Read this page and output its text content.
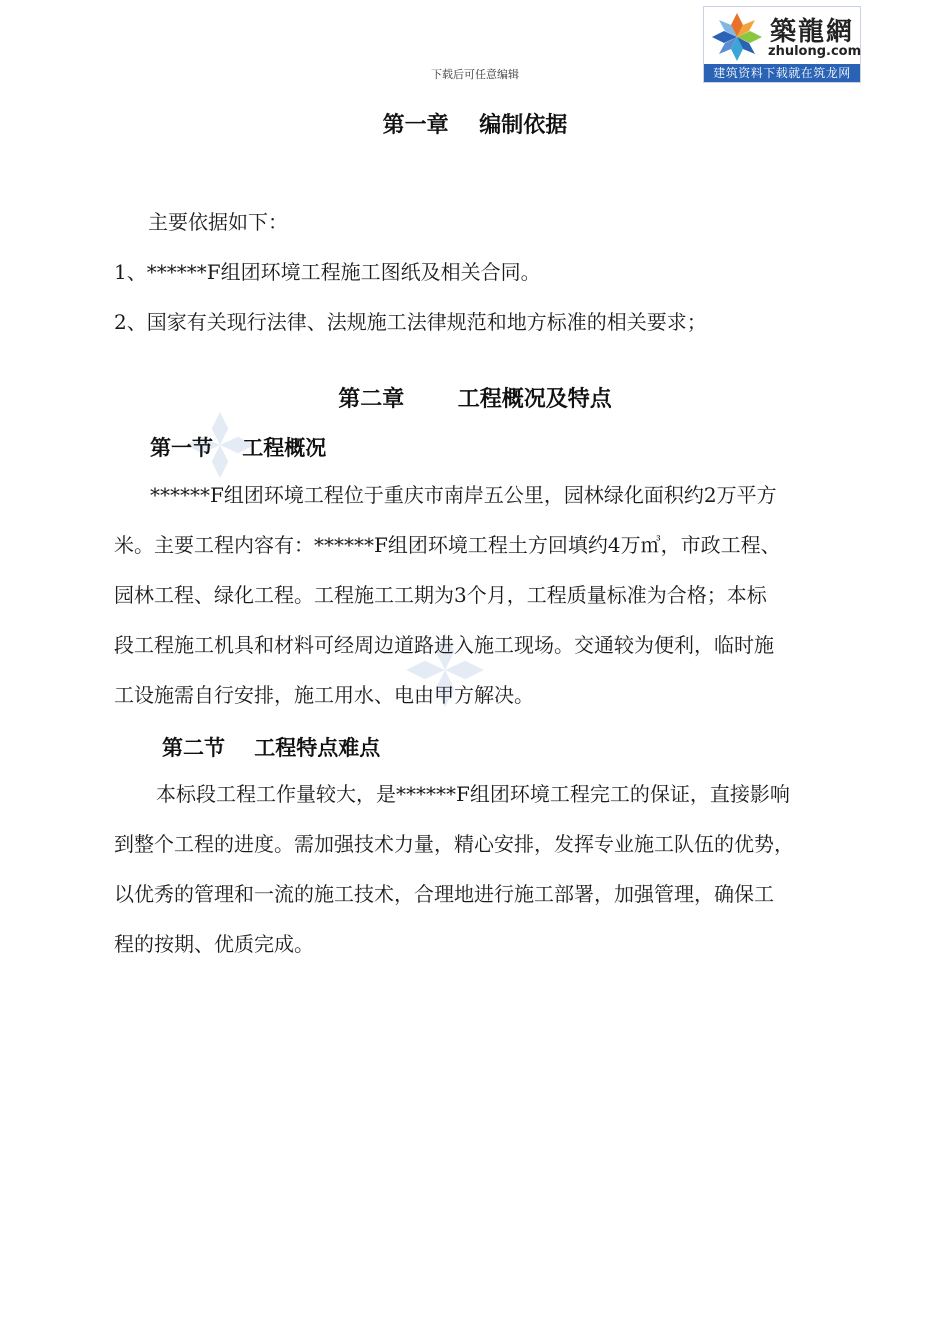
下载后可任意编辑
築龍網
zhulong.com
建筑资料下载就在筑龙网
第一章    编制依据
主要依据如下：
1、******F组团环境工程施工图纸及相关合同。
2、国家有关现行法律、法规施工法律规范和地方标准的相关要求；
第二章       工程概况及特点
第一节    工程概况
******F组团环境工程位于重庆市南岸五公里，园林绿化面积约2万平方
米。主要工程内容有：******F组团环境工程土方回填约4万㎥，市政工程、
园林工程、绿化工程。工程施工工期为3个月，工程质量标准为合格；本标
段工程施工机具和材料可经周边道路进入施工现场。交通较为便利，临时施
工设施需自行安排，施工用水、电由甲方解决。
第二节    工程特点难点
本标段工程工作量较大，是******F组团环境工程完工的保证，直接影响
到整个工程的进度。需加强技术力量，精心安排，发挥专业施工队伍的优势，
以优秀的管理和一流的施工技术，合理地进行施工部署，加强管理，确保工
程的按期、优质完成。
